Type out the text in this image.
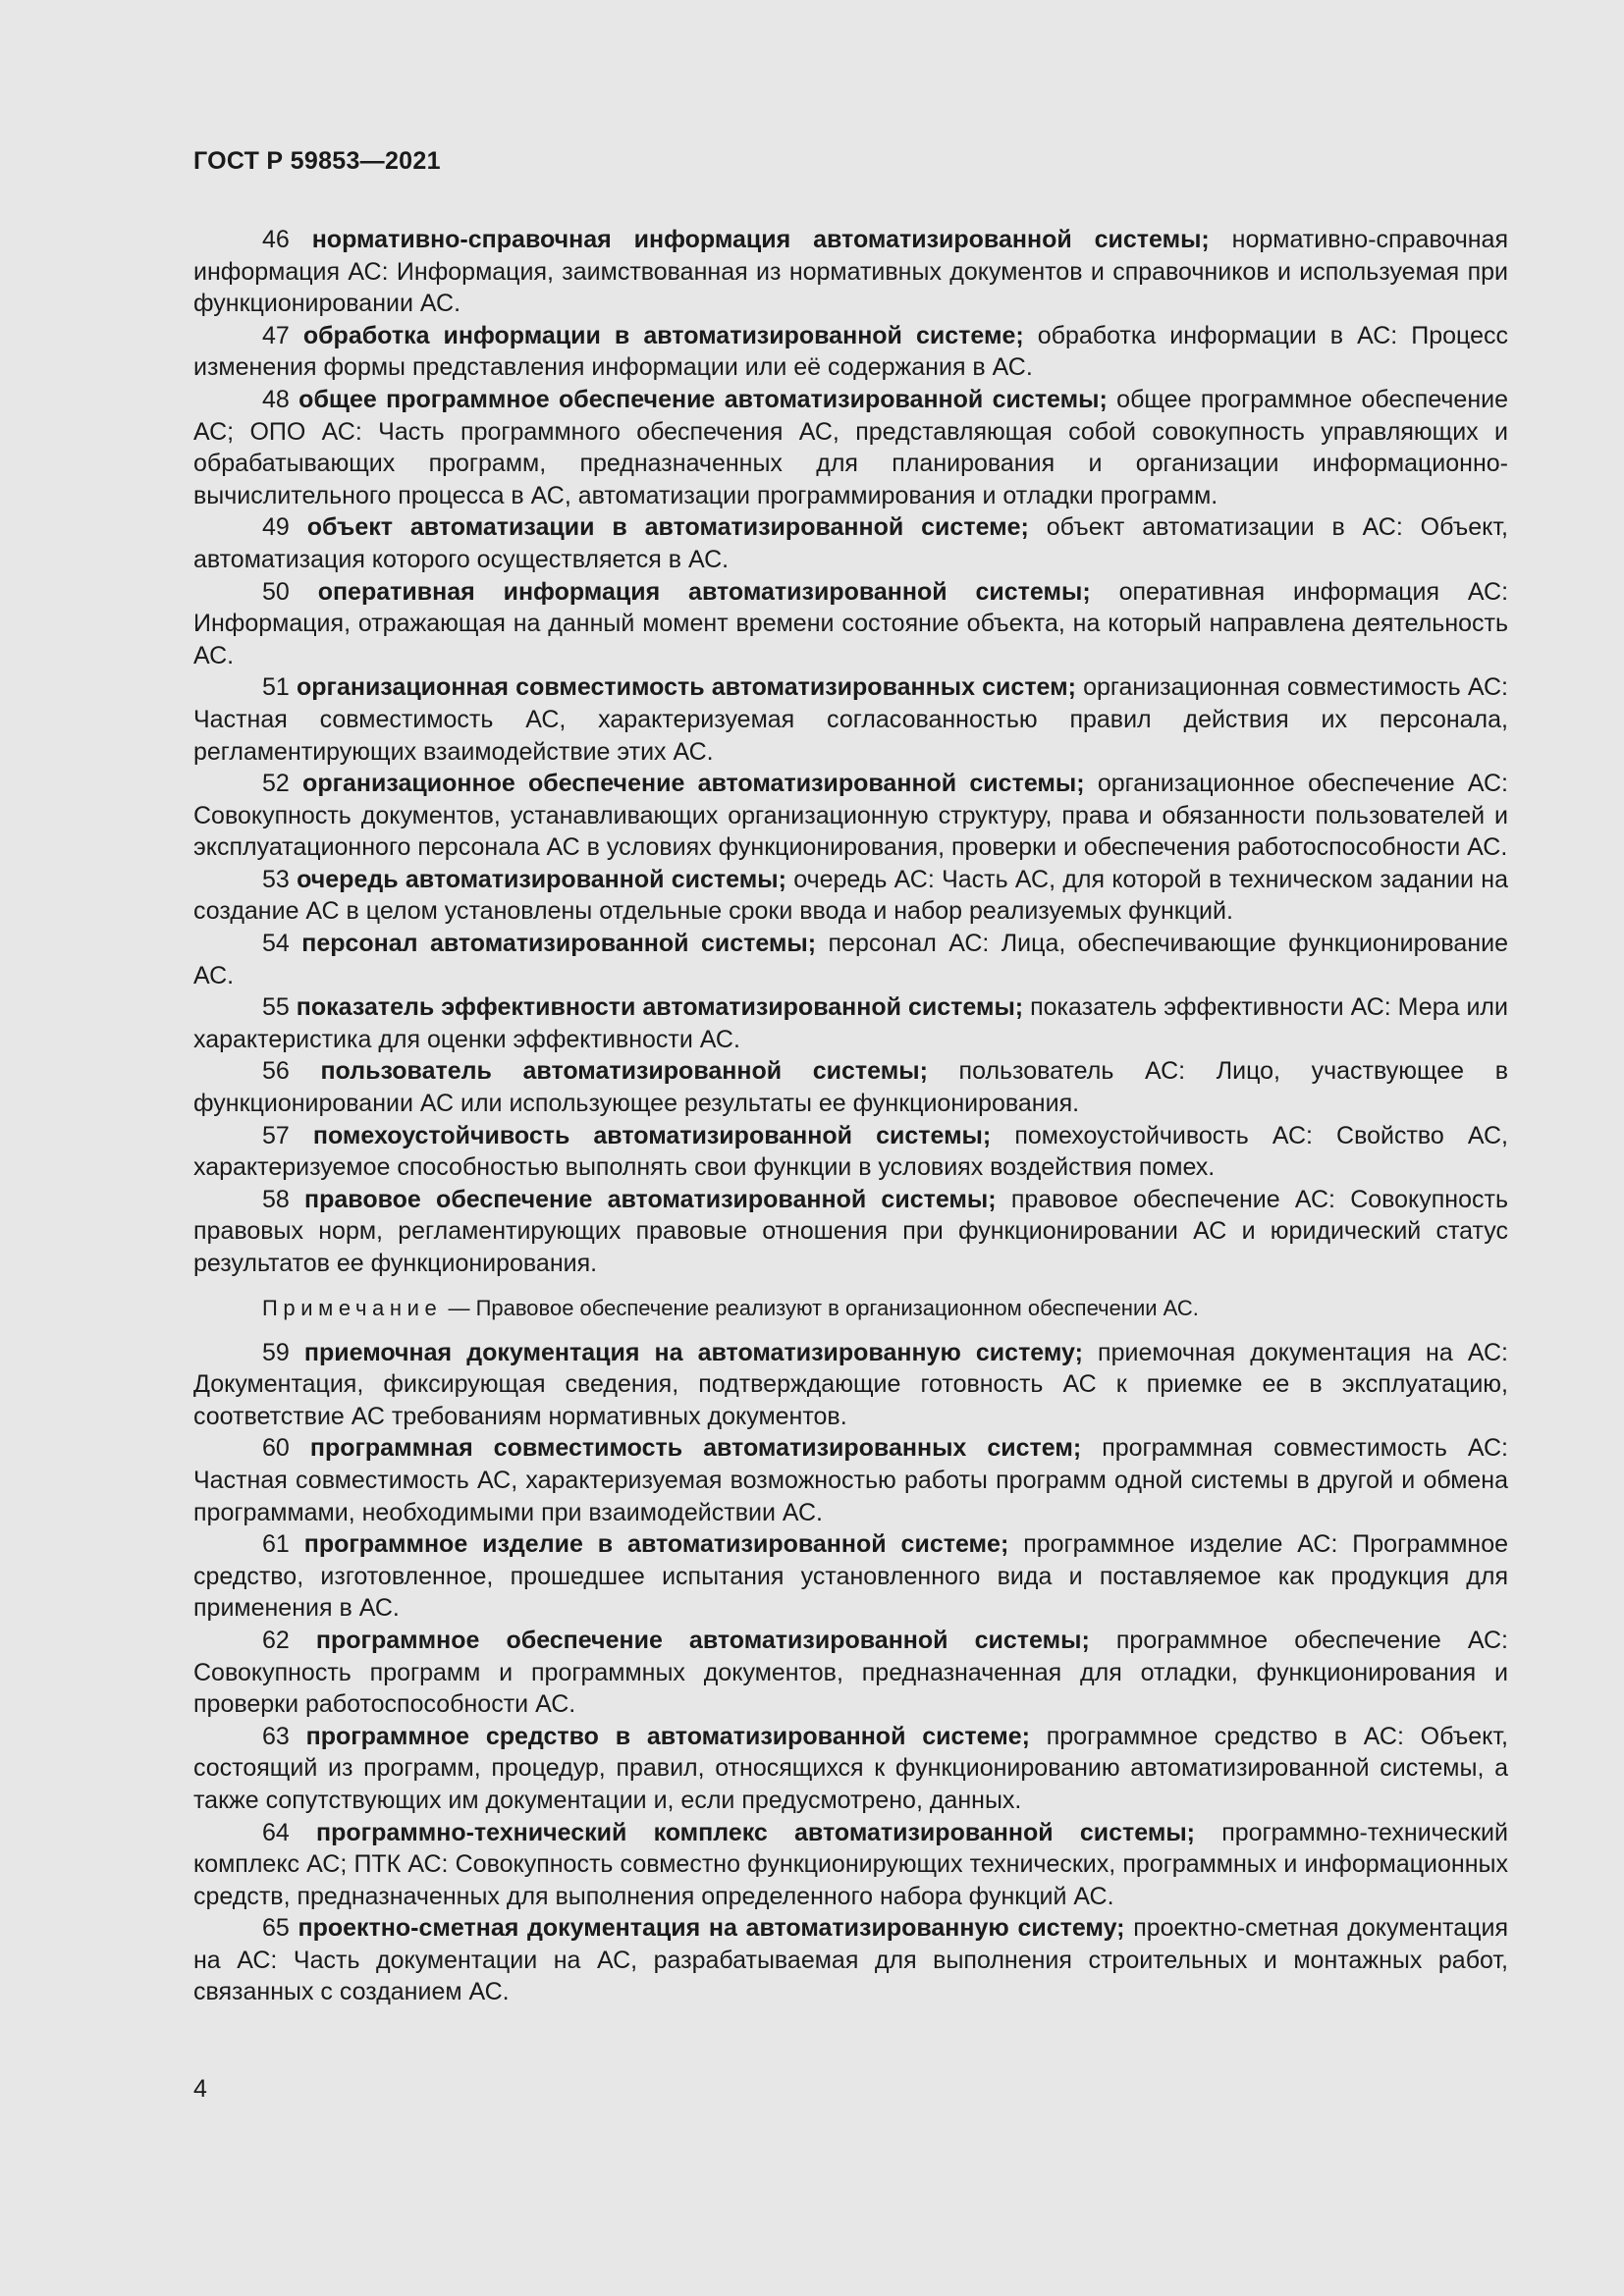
ГОСТ Р 59853—2021

46 нормативно-справочная информация автоматизированной системы; нормативно-справочная информация АС: Информация, заимствованная из нормативных документов и справочников и используемая при функционировании АС.

47 обработка информации в автоматизированной системе; обработка информации в АС: Процесс изменения формы представления информации или её содержания в АС.

48 общее программное обеспечение автоматизированной системы; общее программное обеспечение АС; ОПО АС: Часть программного обеспечения АС, представляющая собой совокупность управляющих и обрабатывающих программ, предназначенных для планирования и организации информационно-вычислительного процесса в АС, автоматизации программирования и отладки программ.

49 объект автоматизации в автоматизированной системе; объект автоматизации в АС: Объект, автоматизация которого осуществляется в АС.

50 оперативная информация автоматизированной системы; оперативная информация АС: Информация, отражающая на данный момент времени состояние объекта, на который направлена деятельность АС.

51 организационная совместимость автоматизированных систем; организационная совместимость АС: Частная совместимость АС, характеризуемая согласованностью правил действия их персонала, регламентирующих взаимодействие этих АС.

52 организационное обеспечение автоматизированной системы; организационное обеспечение АС: Совокупность документов, устанавливающих организационную структуру, права и обязанности пользователей и эксплуатационного персонала АС в условиях функционирования, проверки и обеспечения работоспособности АС.

53 очередь автоматизированной системы; очередь АС: Часть АС, для которой в техническом задании на создание АС в целом установлены отдельные сроки ввода и набор реализуемых функций.

54 персонал автоматизированной системы; персонал АС: Лица, обеспечивающие функционирование АС.

55 показатель эффективности автоматизированной системы; показатель эффективности АС: Мера или характеристика для оценки эффективности АС.

56 пользователь автоматизированной системы; пользователь АС: Лицо, участвующее в функционировании АС или использующее результаты ее функционирования.

57 помехоустойчивость автоматизированной системы; помехоустойчивость АС: Свойство АС, характеризуемое способностью выполнять свои функции в условиях воздействия помех.

58 правовое обеспечение автоматизированной системы; правовое обеспечение АС: Совокупность правовых норм, регламентирующих правовые отношения при функционировании АС и юридический статус результатов ее функционирования.

Примечание — Правовое обеспечение реализуют в организационном обеспечении АС.

59 приемочная документация на автоматизированную систему; приемочная документация на АС: Документация, фиксирующая сведения, подтверждающие готовность АС к приемке ее в эксплуатацию, соответствие АС требованиям нормативных документов.

60 программная совместимость автоматизированных систем; программная совместимость АС: Частная совместимость АС, характеризуемая возможностью работы программ одной системы в другой и обмена программами, необходимыми при взаимодействии АС.

61 программное изделие в автоматизированной системе; программное изделие АС: Программное средство, изготовленное, прошедшее испытания установленного вида и поставляемое как продукция для применения в АС.

62 программное обеспечение автоматизированной системы; программное обеспечение АС: Совокупность программ и программных документов, предназначенная для отладки, функционирования и проверки работоспособности АС.

63 программное средство в автоматизированной системе; программное средство в АС: Объект, состоящий из программ, процедур, правил, относящихся к функционированию автоматизированной системы, а также сопутствующих им документации и, если предусмотрено, данных.

64 программно-технический комплекс автоматизированной системы; программно-технический комплекс АС; ПТК АС: Совокупность совместно функционирующих технических, программных и информационных средств, предназначенных для выполнения определенного набора функций АС.

65 проектно-сметная документация на автоматизированную систему; проектно-сметная документация на АС: Часть документации на АС, разрабатываемая для выполнения строительных и монтажных работ, связанных с созданием АС.

4
